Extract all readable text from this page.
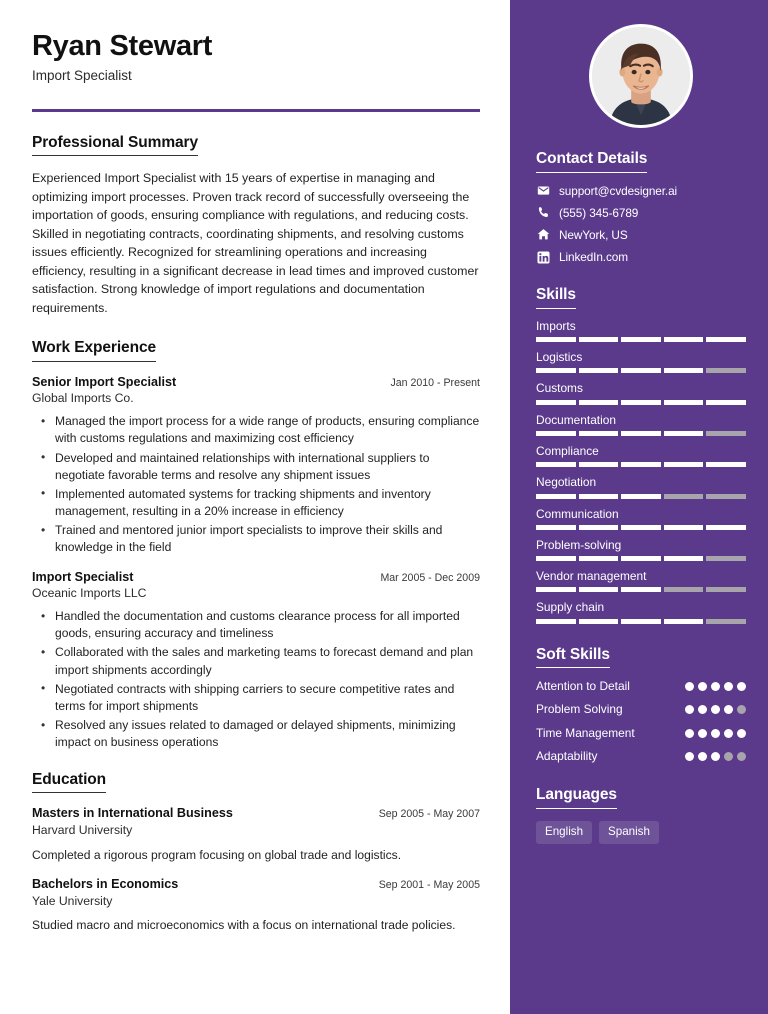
Ryan Stewart
Import Specialist
Professional Summary
Experienced Import Specialist with 15 years of expertise in managing and optimizing import processes. Proven track record of successfully overseeing the importation of goods, ensuring compliance with regulations, and reducing costs. Skilled in negotiating contracts, coordinating shipments, and resolving customs issues efficiently. Recognized for streamlining operations and increasing efficiency, resulting in a significant decrease in lead times and improved customer satisfaction. Strong knowledge of import regulations and documentation requirements.
Work Experience
Senior Import Specialist	Jan 2010 - Present
Global Imports Co.
• Managed the import process for a wide range of products, ensuring compliance with customs regulations and maximizing cost efficiency
• Developed and maintained relationships with international suppliers to negotiate favorable terms and resolve any shipment issues
• Implemented automated systems for tracking shipments and inventory management, resulting in a 20% increase in efficiency
• Trained and mentored junior import specialists to improve their skills and knowledge in the field
Import Specialist	Mar 2005 - Dec 2009
Oceanic Imports LLC
• Handled the documentation and customs clearance process for all imported goods, ensuring accuracy and timeliness
• Collaborated with the sales and marketing teams to forecast demand and plan import shipments accordingly
• Negotiated contracts with shipping carriers to secure competitive rates and terms for import shipments
• Resolved any issues related to damaged or delayed shipments, minimizing impact on business operations
Education
Masters in International Business	Sep 2005 - May 2007
Harvard University
Completed a rigorous program focusing on global trade and logistics.
Bachelors in Economics	Sep 2001 - May 2005
Yale University
Studied macro and microeconomics with a focus on international trade policies.
Contact Details
support@cvdesigner.ai
(555) 345-6789
NewYork, US
LinkedIn.com
Skills
Imports
Logistics
Customs
Documentation
Compliance
Negotiation
Communication
Problem-solving
Vendor management
Supply chain
Soft Skills
Attention to Detail
Problem Solving
Time Management
Adaptability
Languages
English	Spanish
